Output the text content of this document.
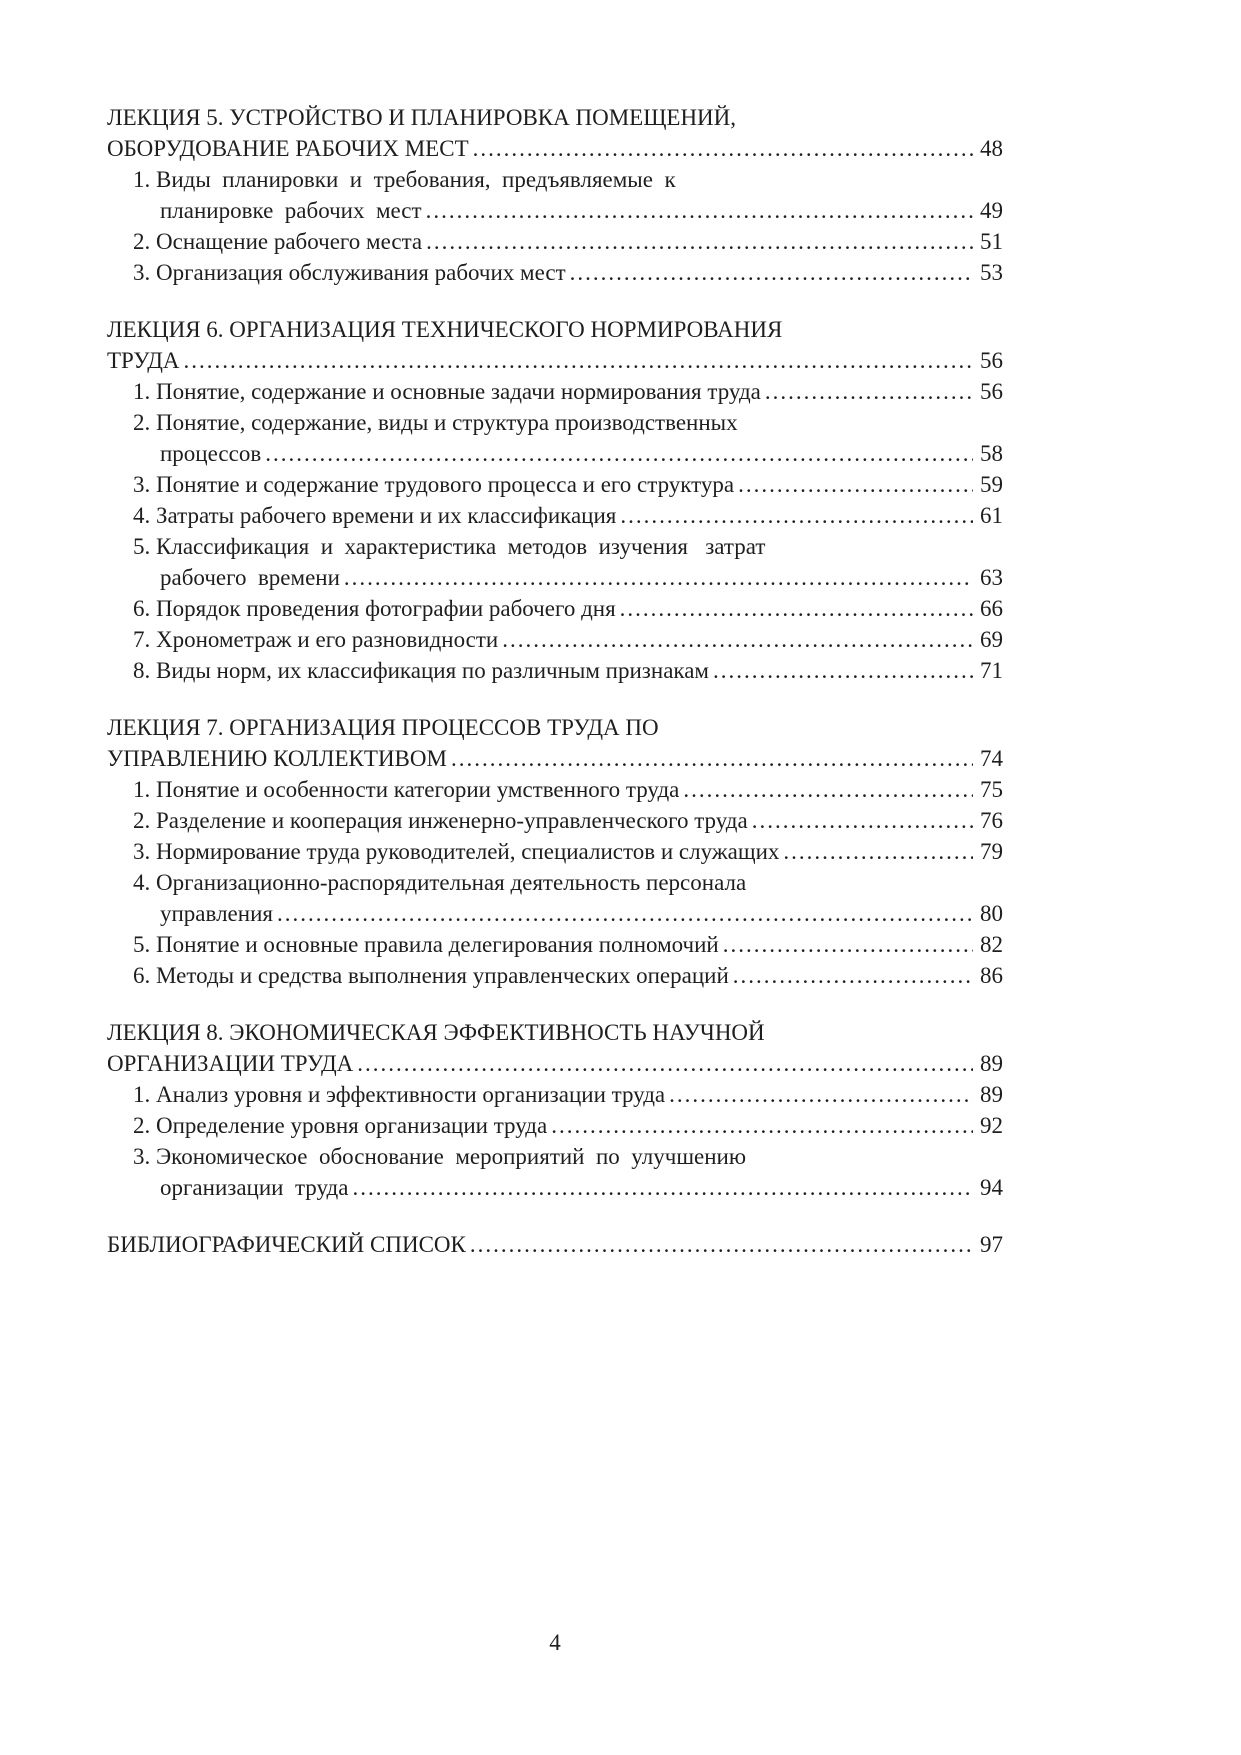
ЛЕКЦИЯ 5. УСТРОЙСТВО И ПЛАНИРОВКА ПОМЕЩЕНИЙ,
ОБОРУДОВАНИЕ РАБОЧИХ МЕСТ .....	48
1. Виды  планировки  и  требования,  предъявляемые  к
планировке  рабочих  мест .....	49
2. Оснащение рабочего места .....	51
3. Организация обслуживания рабочих мест .....	53
ЛЕКЦИЯ 6. ОРГАНИЗАЦИЯ ТЕХНИЧЕСКОГО НОРМИРОВАНИЯ
ТРУДА .....	56
1. Понятие, содержание и основные задачи нормирования труда .....	56
2. Понятие, содержание, виды и структура производственных
процессов .....	58
3. Понятие и содержание трудового процесса и его структура .....	59
4. Затраты рабочего времени и их классификация .....	61
5. Классификация  и  характеристика  методов  изучения   затрат
рабочего  времени .....	63
6. Порядок проведения фотографии рабочего дня .....	66
7. Хронометраж и его разновидности .....	69
8. Виды норм, их классификация по различным признакам .....	71
ЛЕКЦИЯ 7. ОРГАНИЗАЦИЯ ПРОЦЕССОВ ТРУДА ПО
УПРАВЛЕНИЮ КОЛЛЕКТИВОМ .....	74
1. Понятие и особенности категории умственного труда .....	75
2. Разделение и кооперация инженерно-управленческого труда .....	76
3. Нормирование труда руководителей, специалистов и служащих .....	79
4. Организационно-распорядительная деятельность персонала
управления .....	80
5. Понятие и основные правила делегирования полномочий .....	82
6. Методы и средства выполнения управленческих операций .....	86
ЛЕКЦИЯ 8. ЭКОНОМИЧЕСКАЯ ЭФФЕКТИВНОСТЬ НАУЧНОЙ
ОРГАНИЗАЦИИ ТРУДА .....	89
1. Анализ уровня и эффективности организации труда .....	89
2. Определение уровня организации труда .....	92
3. Экономическое  обоснование  мероприятий  по  улучшению
организации  труда .....	94
БИБЛИОГРАФИЧЕСКИЙ СПИСОК .....	97
4
